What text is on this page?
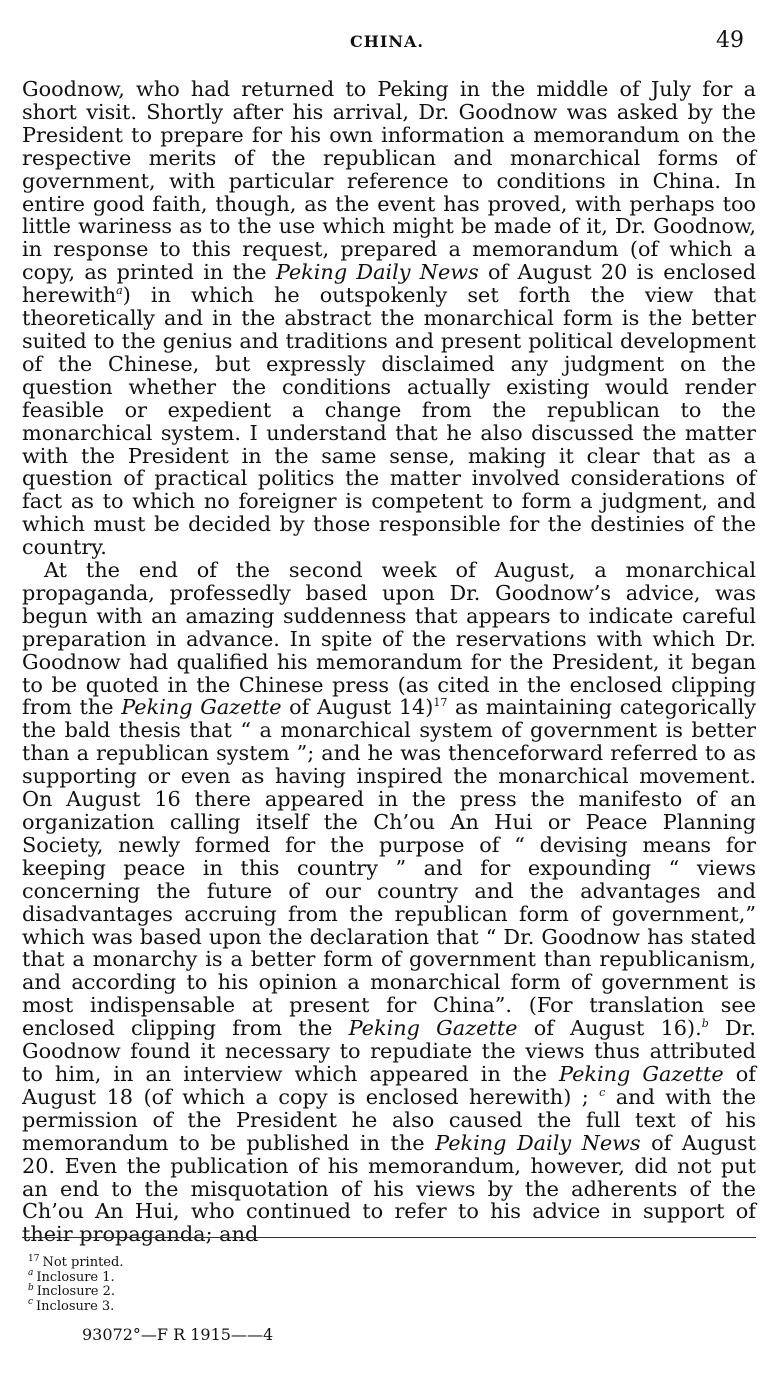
CHINA.	49

Goodnow, who had returned to Peking in the middle of July for a short visit. Shortly after his arrival, Dr. Goodnow was asked by the President to prepare for his own information a memorandum on the respective merits of the republican and monarchical forms of government, with particular reference to conditions in China. In entire good faith, though, as the event has proved, with perhaps too little wariness as to the use which might be made of it, Dr. Goodnow, in response to this request, prepared a memorandum (of which a copy, as printed in the Peking Daily News of August 20 is enclosed herewith$^a$) in which he outspokenly set forth the view that theoretically and in the abstract the monarchical form is the better suited to the genius and traditions and present political development of the Chinese, but expressly disclaimed any judgment on the question whether the conditions actually existing would render feasible or expedient a change from the republican to the monarchical system. I understand that he also discussed the matter with the President in the same sense, making it clear that as a question of practical politics the matter involved considerations of fact as to which no foreigner is competent to form a judgment, and which must be decided by those responsible for the destinies of the country.

At the end of the second week of August, a monarchical propaganda, professedly based upon Dr. Goodnow’s advice, was begun with an amazing suddenness that appears to indicate careful preparation in advance. In spite of the reservations with which Dr. Goodnow had qualified his memorandum for the President, it began to be quoted in the Chinese press (as cited in the enclosed clipping from the Peking Gazette of August 14)$^{17}$ as maintaining categorically the bald thesis that “ a monarchical system of government is better than a republican system ”; and he was thenceforward referred to as supporting or even as having inspired the monarchical movement. On August 16 there appeared in the press the manifesto of an organization calling itself the Ch’ou An Hui or Peace Planning Society, newly formed for the purpose of “ devising means for keeping peace in this country ” and for expounding “ views concerning the future of our country and the advantages and disadvantages accruing from the republican form of government,” which was based upon the declaration that “ Dr. Goodnow has stated that a monarchy is a better form of government than republicanism, and according to his opinion a monarchical form of government is most indispensable at present for China”. (For translation see enclosed clipping from the Peking Gazette of August 16).$^b$ Dr. Goodnow found it necessary to repudiate the views thus attributed to him, in an interview which appeared in the Peking Gazette of August 18 (of which a copy is enclosed herewith) ; $^c$ and with the permission of the President he also caused the full text of his memorandum to be published in the Peking Daily News of August 20. Even the publication of his memorandum, however, did not put an end to the misquotation of his views by the adherents of the Ch’ou An Hui, who continued to refer to his advice in support of their propaganda; and

$^{17}$ Not printed.
$^a$ Inclosure 1.
$^b$ Inclosure 2.
$^c$ Inclosure 3.
93072°—F R 1915——4
